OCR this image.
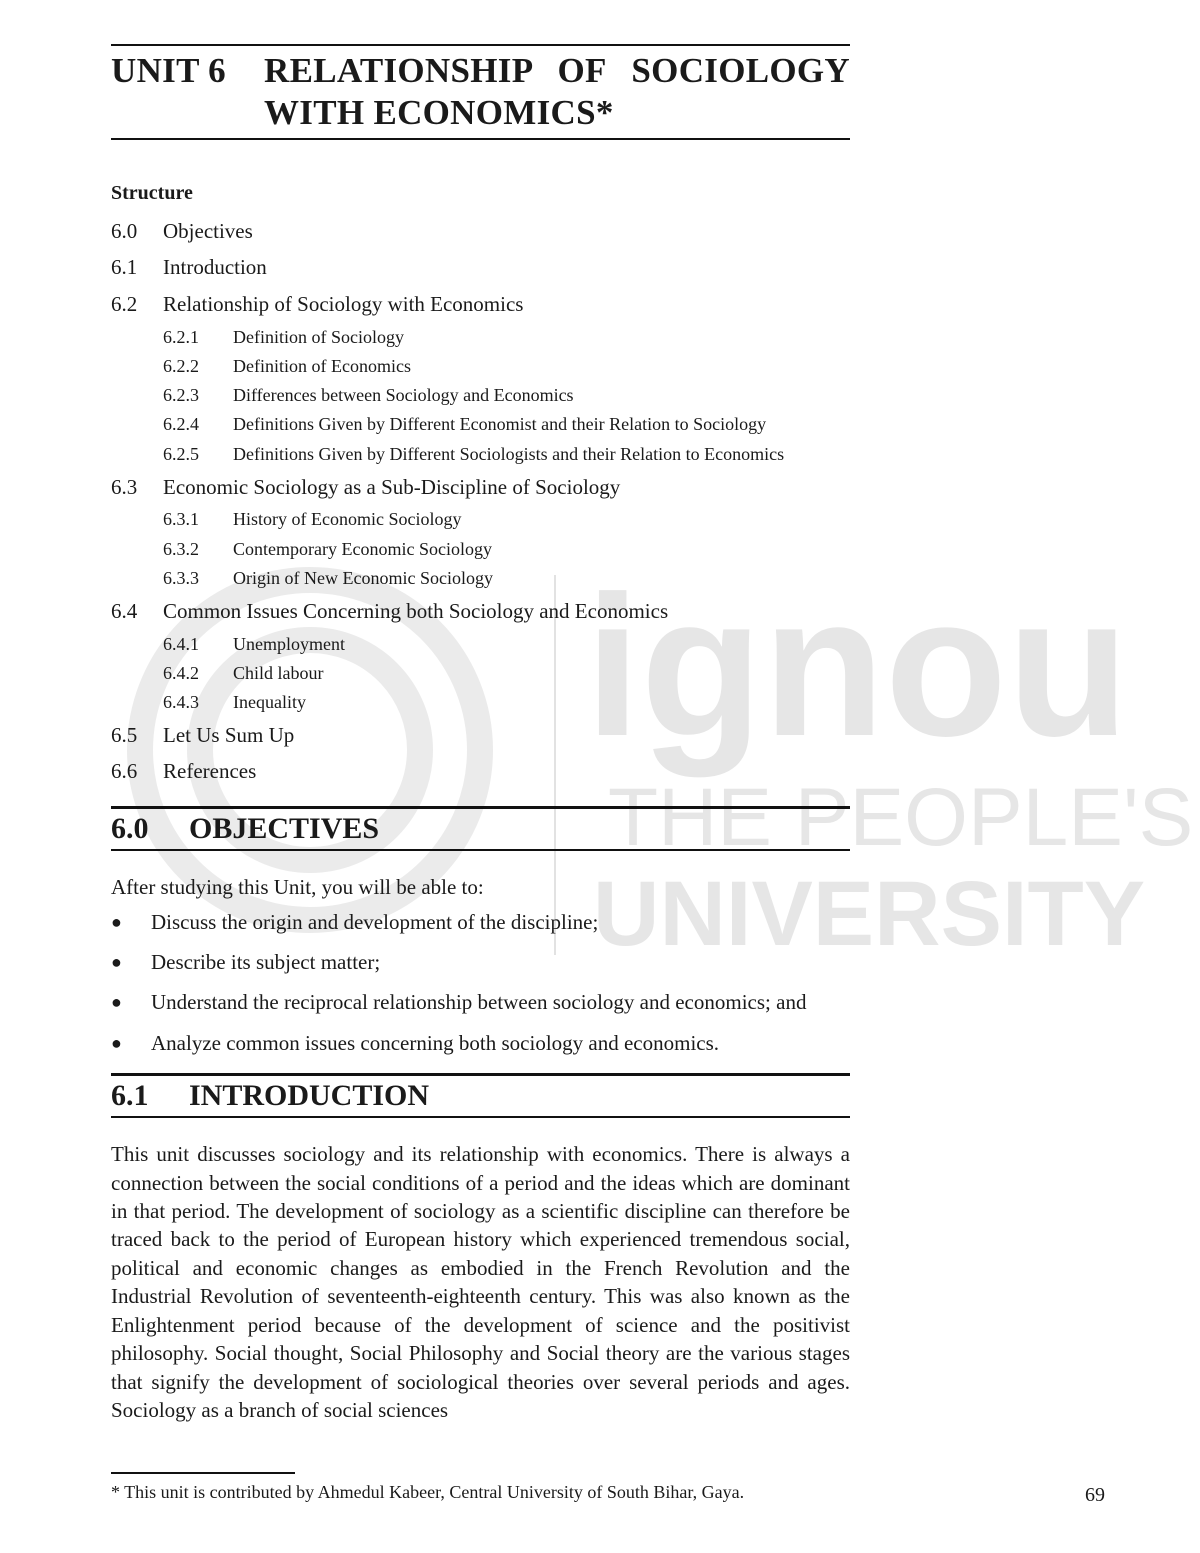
ignou
THE PEOPLE'S
UNIVERSITY
UNIT 6	RELATIONSHIP OF SOCIOLOGY WITH ECONOMICS*
Structure
6.0	Objectives
6.1	Introduction
6.2	Relationship of Sociology with Economics
6.2.1	Definition of Sociology
6.2.2	Definition of Economics
6.2.3	Differences between Sociology and Economics
6.2.4	Definitions Given by Different Economist and their Relation to Sociology
6.2.5	Definitions Given by Different Sociologists and their Relation to Economics
6.3	Economic Sociology as a Sub-Discipline of Sociology
6.3.1	History of Economic Sociology
6.3.2	Contemporary Economic Sociology
6.3.3	Origin of New Economic Sociology
6.4	Common Issues Concerning both Sociology and Economics
6.4.1	Unemployment
6.4.2	Child labour
6.4.3	Inequality
6.5	Let Us Sum Up
6.6	References
6.0	OBJECTIVES
After studying this Unit, you will be able to:
●	Discuss the origin and development of the discipline;
●	Describe its subject matter;
●	Understand the reciprocal relationship between sociology and economics; and
●	Analyze common issues concerning both sociology and economics.
6.1	INTRODUCTION
This unit discusses sociology and its relationship with economics. There is always a connection between the social conditions of a period and the ideas which are dominant in that period. The development of sociology as a scientific discipline can therefore be traced back to the period of European history which experienced tremendous social, political and economic changes as embodied in the French Revolution and the Industrial Revolution of seventeenth-eighteenth century. This was also known as the Enlightenment period because of the development of science and the positivist philosophy. Social thought, Social Philosophy and Social theory are the various stages that signify the development of sociological theories over several periods and ages. Sociology as a branch of social sciences
* This unit is contributed by Ahmedul Kabeer, Central University of South Bihar, Gaya.	69
